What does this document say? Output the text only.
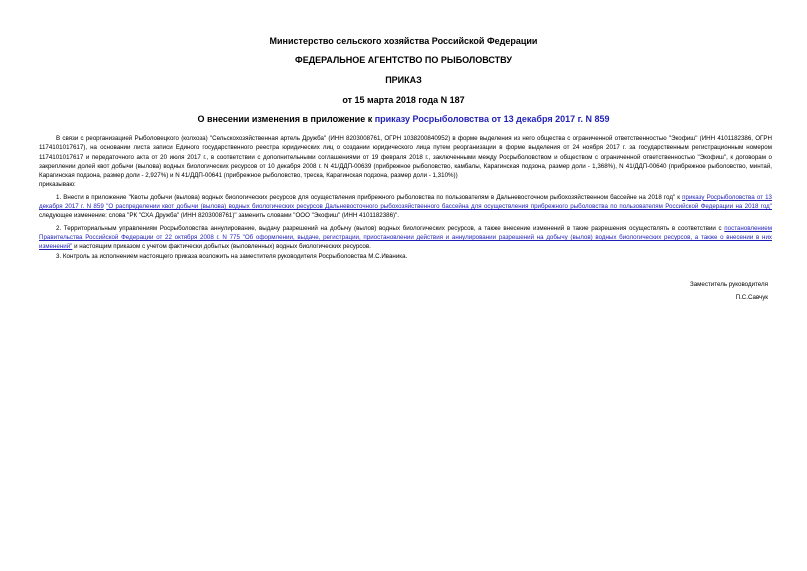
Министерство сельского хозяйства Российской Федерации
ФЕДЕРАЛЬНОЕ АГЕНТСТВО ПО РЫБОЛОВСТВУ
ПРИКАЗ
от 15 марта 2018 года N 187
О внесении изменения в приложение к приказу Росрыболовства от 13 декабря 2017 г. N 859

В связи с реорганизацией Рыболовецкого (колхоза) "Сельскохозяйственная артель Дружба" (ИНН 8203008761, ОГРН 1038200840952) в форме выделения из него общества с ограниченной ответственностью "Экофиш" (ИНН 4101182386, ОГРН 1174101017617), на основании листа записи Единого государственного реестра юридических лиц о создании юридического лица путем реорганизации в форме выделения от 24 ноября 2017 г. за государственным регистрационным номером 1174101017617 и передаточного акта от 20 июля 2017 г., в соответствии с дополнительными соглашениями от 19 февраля 2018 г., заключенными между Росрыболовством и обществом с ограниченной ответственностью "Экофиш", к договорам о закреплении долей квот добычи (вылова) водных биологических ресурсов от 10 декабря 2008 г. N 41/ДДП-00639 (прибрежное рыболовство, камбалы, Карагинская подзона, размер доли - 1,368%), N 41/ДДП-00640 (прибрежное рыболовство, минтай, Карагинская подзона, размер доли - 2,927%) и N 41/ДДП-00641 (прибрежное рыболовство, треска, Карагинская подзона, размер доли - 1,310%))

приказываю:

1. Внести в приложение "Квоты добычи (вылова) водных биологических ресурсов для осуществления прибрежного рыболовства по пользователям в Дальневосточном рыбохозяйственном бассейне на 2018 год" к приказу Росрыболовства от 13 декабря 2017 г. N 859 "О распределении квот добычи (вылова) водных биологических ресурсов Дальневосточного рыбохозяйственного бассейна для осуществления прибрежного рыболовства по пользователям Российской Федерации на 2018 год" следующее изменение: слова "РК "СХА Дружба" (ИНН 8203008761)" заменить словами "ООО "Экофиш" (ИНН 4101182386)".

2. Территориальным управлениям Росрыболовства аннулирование, выдачу разрешений на добычу (вылов) водных биологических ресурсов, а также внесение изменений в такие разрешения осуществлять в соответствии с постановлением Правительства Российской Федерации от 22 октября 2008 г. N 775 "Об оформлении, выдаче, регистрации, приостановлении действия и аннулировании разрешений на добычу (вылов) водных биологических ресурсов, а также о внесении в них изменений" и настоящим приказом с учетом фактически добытых (выловленных) водных биологических ресурсов.

3. Контроль за исполнением настоящего приказа возложить на заместителя руководителя Росрыболовства М.С.Иваника.

Заместитель руководителя
П.С.Савчук
